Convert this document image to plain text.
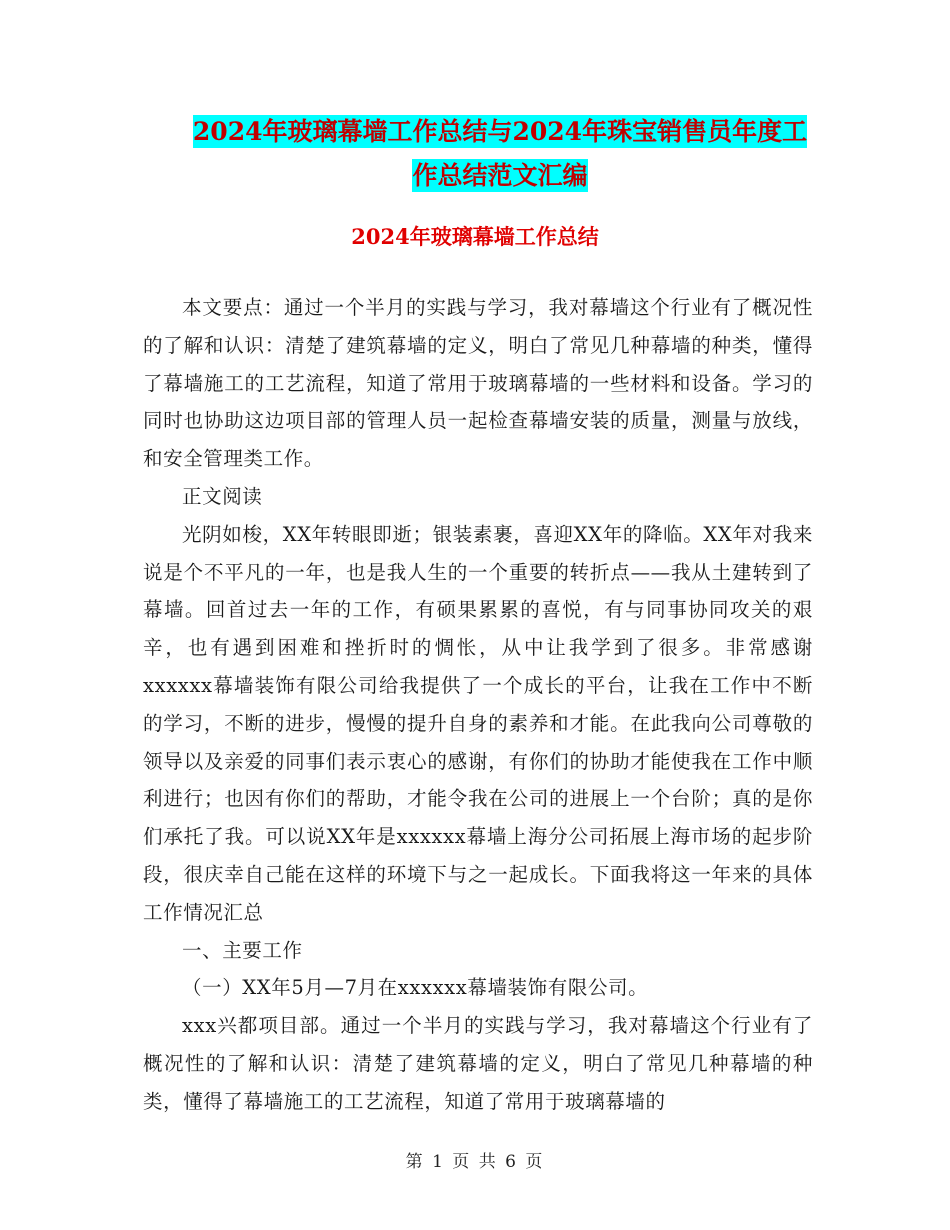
2024年玻璃幕墙工作总结与2024年珠宝销售员年度工
作总结范文汇编
2024年玻璃幕墙工作总结

本文要点：通过一个半月的实践与学习，我对幕墙这个行业有了概况性的了解和认识：清楚了建筑幕墙的定义，明白了常见几种幕墙的种类，懂得了幕墙施工的工艺流程，知道了常用于玻璃幕墙的一些材料和设备。学习的同时也协助这边项目部的管理人员一起检查幕墙安装的质量，测量与放线，和安全管理类工作。

正文阅读

光阴如梭，XX年转眼即逝；银装素裹，喜迎XX年的降临。XX年对我来说是个不平凡的一年，也是我人生的一个重要的转折点——我从土建转到了幕墙。回首过去一年的工作，有硕果累累的喜悦，有与同事协同攻关的艰辛，也有遇到困难和挫折时的惆怅，从中让我学到了很多。非常感谢xxxxxx幕墙装饰有限公司给我提供了一个成长的平台，让我在工作中不断的学习，不断的进步，慢慢的提升自身的素养和才能。在此我向公司尊敬的领导以及亲爱的同事们表示衷心的感谢，有你们的协助才能使我在工作中顺利进行；也因有你们的帮助，才能令我在公司的进展上一个台阶；真的是你们承托了我。可以说XX年是xxxxxx幕墙上海分公司拓展上海市场的起步阶段，很庆幸自己能在这样的环境下与之一起成长。下面我将这一年来的具体工作情况汇总

一、主要工作

（一）XX年5月—7月在xxxxxx幕墙装饰有限公司。

xxx兴都项目部。通过一个半月的实践与学习，我对幕墙这个行业有了概况性的了解和认识：清楚了建筑幕墙的定义，明白了常见几种幕墙的种类，懂得了幕墙施工的工艺流程，知道了常用于玻璃幕墙的

第 1 页 共 6 页
